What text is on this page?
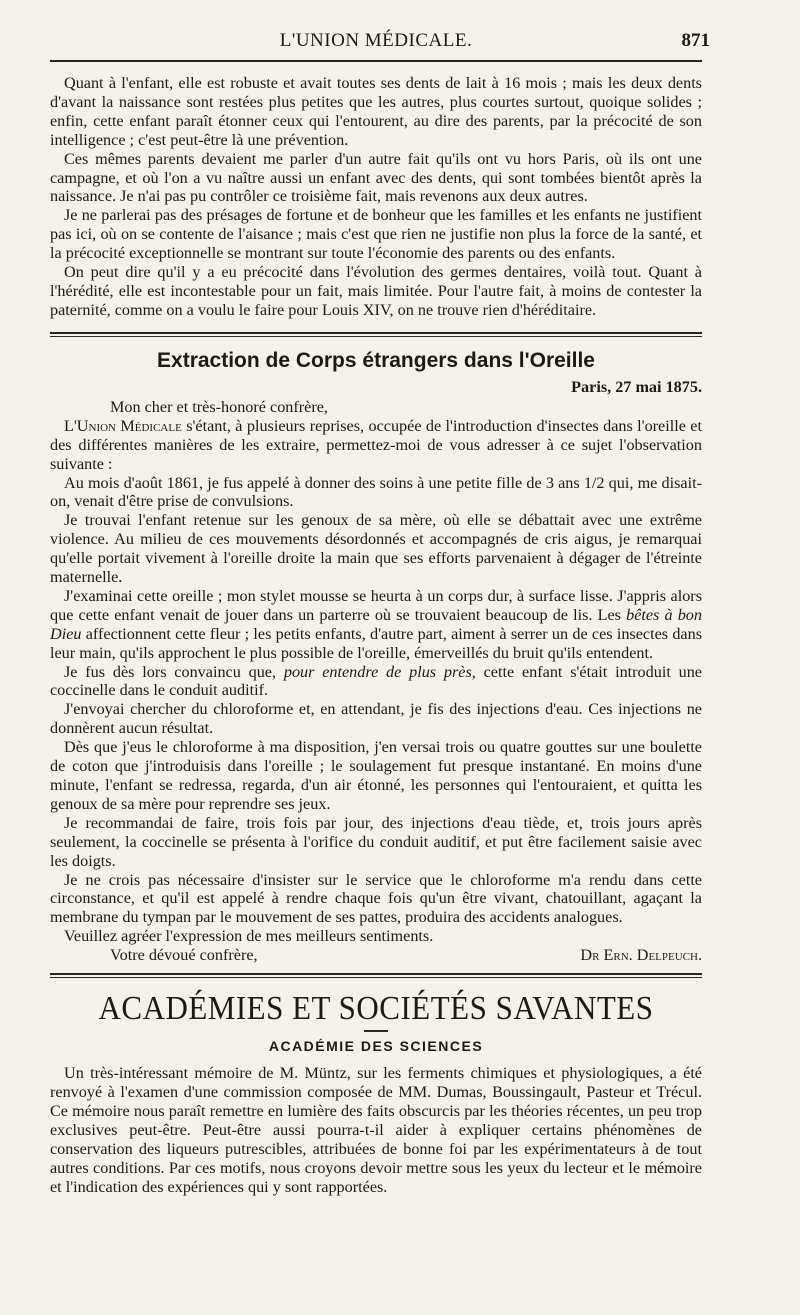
L'UNION MÉDICALE.	871

Quant à l'enfant, elle est robuste et avait toutes ses dents de lait à 16 mois ; mais les deux dents d'avant la naissance sont restées plus petites que les autres, plus courtes surtout, quoique solides ; enfin, cette enfant paraît étonner ceux qui l'entourent, au dire des parents, par la précocité de son intelligence ; c'est peut-être là une prévention.

Ces mêmes parents devaient me parler d'un autre fait qu'ils ont vu hors Paris, où ils ont une campagne, et où l'on a vu naître aussi un enfant avec des dents, qui sont tombées bientôt après la naissance. Je n'ai pas pu contrôler ce troisième fait, mais revenons aux deux autres.

Je ne parlerai pas des présages de fortune et de bonheur que les familles et les enfants ne justifient pas ici, où on se contente de l'aisance ; mais c'est que rien ne justifie non plus la force de la santé, et la précocité exceptionnelle se montrant sur toute l'économie des parents ou des enfants.

On peut dire qu'il y a eu précocité dans l'évolution des germes dentaires, voilà tout. Quant à l'hérédité, elle est incontestable pour un fait, mais limitée. Pour l'autre fait, à moins de contester la paternité, comme on a voulu le faire pour Louis XIV, on ne trouve rien d'héréditaire.

Extraction de Corps étrangers dans l'Oreille
Paris, 27 mai 1875.
Mon cher et très-honoré confrère,

L'Union Médicale s'étant, à plusieurs reprises, occupée de l'introduction d'insectes dans l'oreille et des différentes manières de les extraire, permettez-moi de vous adresser à ce sujet l'observation suivante :

Au mois d'août 1861, je fus appelé à donner des soins à une petite fille de 3 ans 1/2 qui, me disait-on, venait d'être prise de convulsions.

Je trouvai l'enfant retenue sur les genoux de sa mère, où elle se débattait avec une extrême violence. Au milieu de ces mouvements désordonnés et accompagnés de cris aigus, je remarquai qu'elle portait vivement à l'oreille droite la main que ses efforts parvenaient à dégager de l'étreinte maternelle.

J'examinai cette oreille ; mon stylet mousse se heurta à un corps dur, à surface lisse. J'appris alors que cette enfant venait de jouer dans un parterre où se trouvaient beaucoup de lis. Les bêtes à bon Dieu affectionnent cette fleur ; les petits enfants, d'autre part, aiment à serrer un de ces insectes dans leur main, qu'ils approchent le plus possible de l'oreille, émerveillés du bruit qu'ils entendent.

Je fus dès lors convaincu que, pour entendre de plus près, cette enfant s'était introduit une coccinelle dans le conduit auditif.

J'envoyai chercher du chloroforme et, en attendant, je fis des injections d'eau. Ces injections ne donnèrent aucun résultat.

Dès que j'eus le chloroforme à ma disposition, j'en versai trois ou quatre gouttes sur une boulette de coton que j'introduisis dans l'oreille ; le soulagement fut presque instantané. En moins d'une minute, l'enfant se redressa, regarda, d'un air étonné, les personnes qui l'entouraient, et quitta les genoux de sa mère pour reprendre ses jeux.

Je recommandai de faire, trois fois par jour, des injections d'eau tiède, et, trois jours après seulement, la coccinelle se présenta à l'orifice du conduit auditif, et put être facilement saisie avec les doigts.

Je ne crois pas nécessaire d'insister sur le service que le chloroforme m'a rendu dans cette circonstance, et qu'il est appelé à rendre chaque fois qu'un être vivant, chatouillant, agaçant la membrane du tympan par le mouvement de ses pattes, produira des accidents analogues.

Veuillez agréer l'expression de mes meilleurs sentiments.
Votre dévoué confrère,	Dr Ern. Delpeuch.
ACADÉMIES ET SOCIÉTÉS SAVANTES
ACADÉMIE DES SCIENCES

Un très-intéressant mémoire de M. Müntz, sur les ferments chimiques et physiologiques, a été renvoyé à l'examen d'une commission composée de MM. Dumas, Boussingault, Pasteur et Trécul. Ce mémoire nous paraît remettre en lumière des faits obscurcis par les théories récentes, un peu trop exclusives peut-être. Peut-être aussi pourra-t-il aider à expliquer certains phénomènes de conservation des liqueurs putrescibles, attribuées de bonne foi par les expérimentateurs à de tout autres conditions. Par ces motifs, nous croyons devoir mettre sous les yeux du lecteur et le mémoire et l'indication des expériences qui y sont rapportées.
